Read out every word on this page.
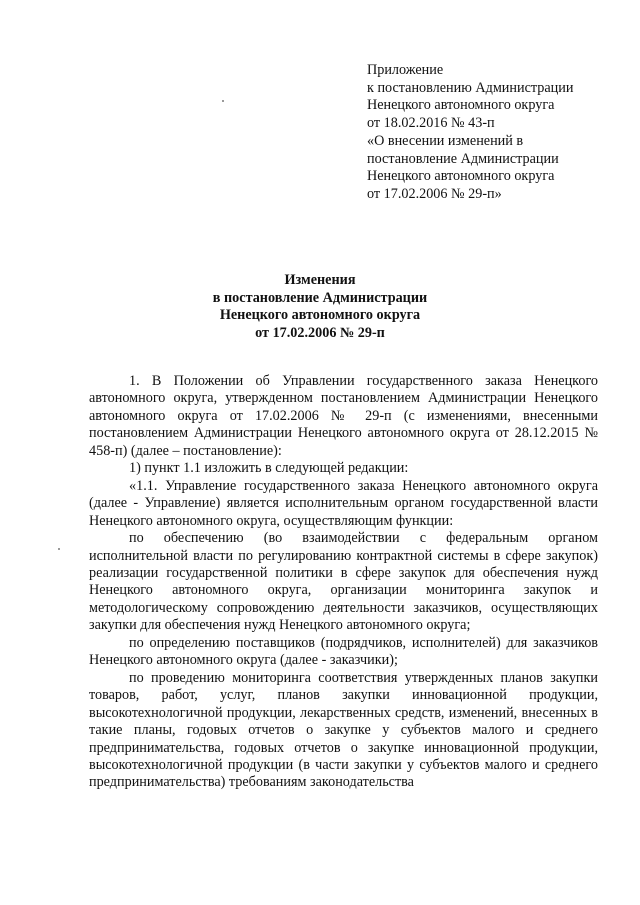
Приложение
к постановлению Администрации
Ненецкого автономного округа
от 18.02.2016 № 43-п
«О внесении изменений в
постановление Администрации
Ненецкого автономного округа
от 17.02.2006 № 29-п»
Изменения
в постановление Администрации
Ненецкого автономного округа
от 17.02.2006 № 29-п

1. В Положении об Управлении государственного заказа Ненецкого автономного округа, утвержденном постановлением Администрации Ненецкого автономного округа от 17.02.2006 № 29-п (с изменениями, внесенными постановлением Администрации Ненецкого автономного округа от 28.12.2015 № 458-п) (далее – постановление):

1) пункт 1.1 изложить в следующей редакции:

«1.1. Управление государственного заказа Ненецкого автономного округа (далее - Управление) является исполнительным органом государственной власти Ненецкого автономного округа, осуществляющим функции:

по обеспечению (во взаимодействии с федеральным органом исполнительной власти по регулированию контрактной системы в сфере закупок) реализации государственной политики в сфере закупок для обеспечения нужд Ненецкого автономного округа, организации мониторинга закупок и методологическому сопровождению деятельности заказчиков, осуществляющих закупки для обеспечения нужд Ненецкого автономного округа;

по определению поставщиков (подрядчиков, исполнителей) для заказчиков Ненецкого автономного округа (далее - заказчики);

по проведению мониторинга соответствия утвержденных планов закупки товаров, работ, услуг, планов закупки инновационной продукции, высокотехнологичной продукции, лекарственных средств, изменений, внесенных в такие планы, годовых отчетов о закупке у субъектов малого и среднего предпринимательства, годовых отчетов о закупке инновационной продукции, высокотехнологичной продукции (в части закупки у субъектов малого и среднего предпринимательства) требованиям законодательства
